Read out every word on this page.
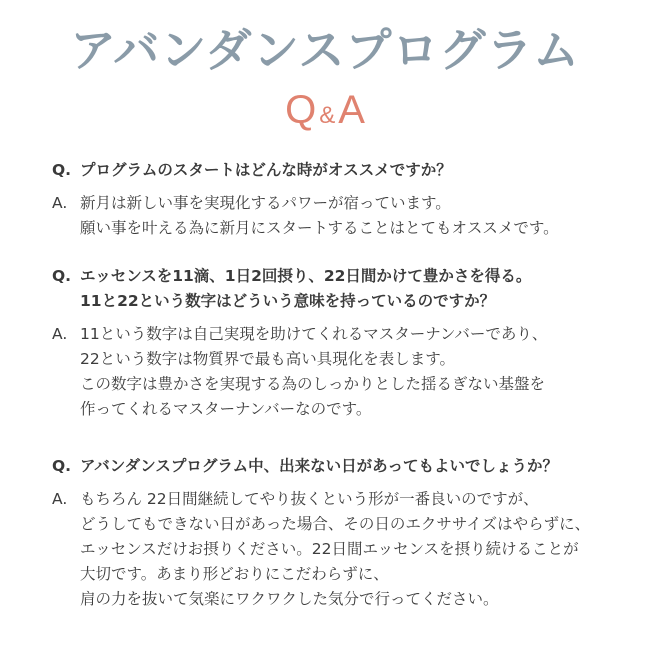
アバンダンスプログラム
Q &A
Q. プログラムのスタートはどんな時がオススメですか？
A. 新月は新しい事を実現化するパワーが宿っています。
願い事を叶える為に新月にスタートすることはとてもオススメです。
Q. エッセンスを11滴、1日2回摂り、22日間かけて豊かさを得る。
11と22という数字はどういう意味を持っているのですか？
A. 11という数字は自己実現を助けてくれるマスターナンバーであり、
22という数字は物質界で最も高い具現化を表します。
この数字は豊かさを実現する為のしっかりとした揺るぎない基盤を
作ってくれるマスターナンバーなのです。
Q. アバンダンスプログラム中、出来ない日があってもよいでしょうか？
A. もちろん 22日間継続してやり抜くという形が一番良いのですが、
どうしてもできない日があった場合、その日のエクササイズはやらずに、
エッセンスだけお摂りください。22日間エッセンスを摂り続けることが
大切です。あまり形どおりにこだわらずに、
肩の力を抜いて気楽にワクワクした気分で行ってください。
